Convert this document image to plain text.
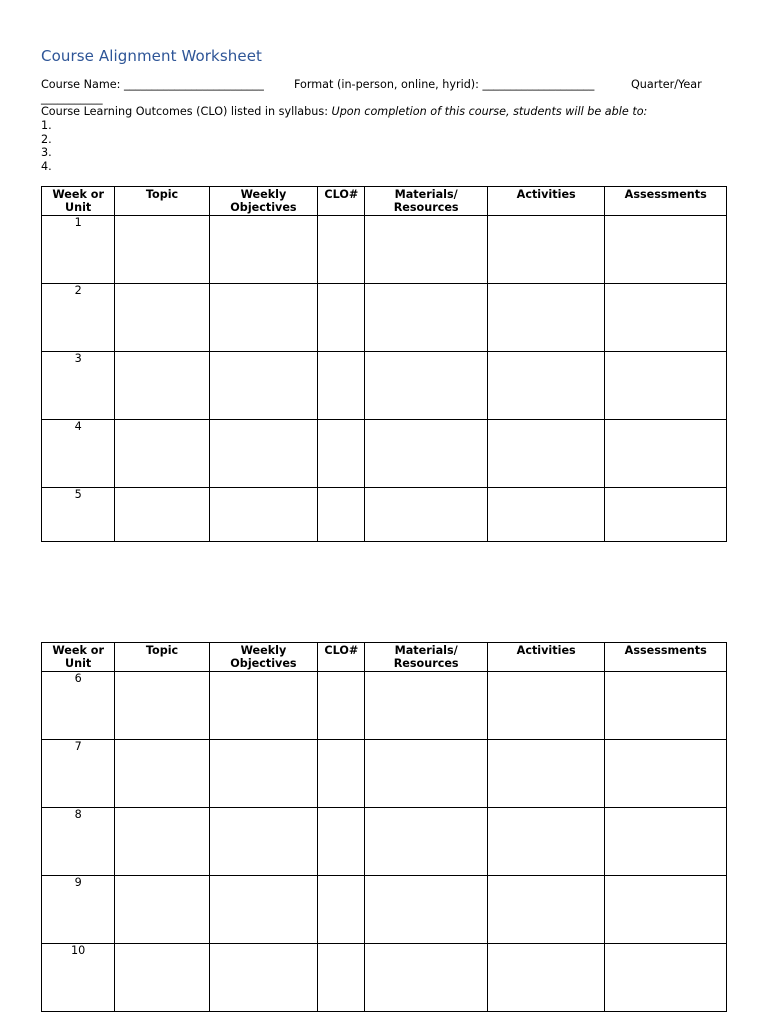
Course Alignment Worksheet
Course Name: _________________________	Format (in-person, online, hyrid): ____________________	Quarter/Year
___________
Course Learning Outcomes (CLO) listed in syllabus: Upon completion of this course, students will be able to:
1.
2.
3.
4.
Week or Unit	Topic	Weekly Objectives	CLO#	Materials/ Resources	Activities	Assessments
1						
2						
3						
4						
5						
Week or Unit	Topic	Weekly Objectives	CLO#	Materials/ Resources	Activities	Assessments
6						
7						
8						
9						
10						
